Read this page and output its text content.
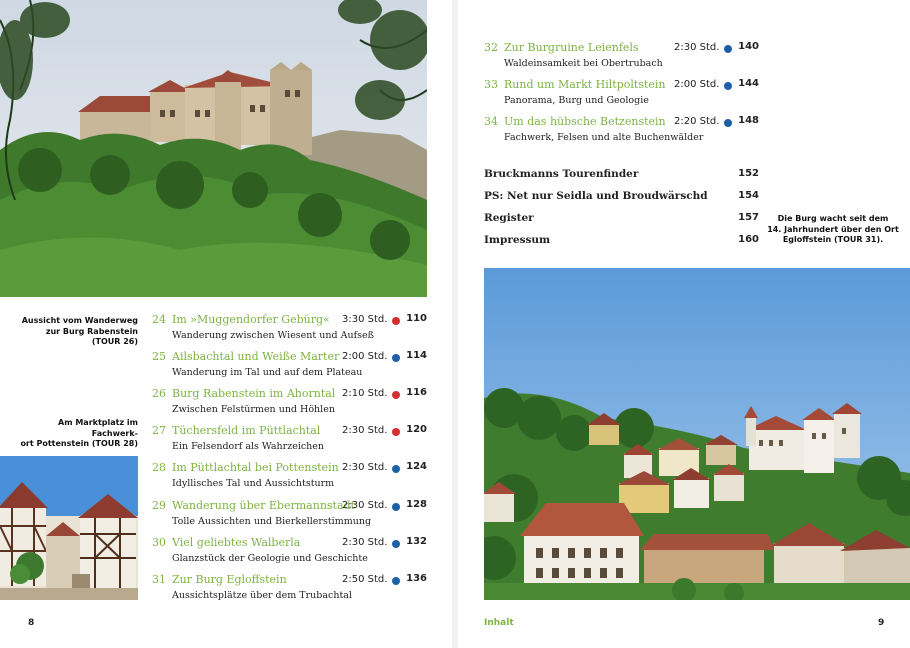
Aussicht vom Wanderweg
zur Burg Rabenstein
(TOUR 26)
Am Marktplatz im Fachwerk-
ort Pottenstein (TOUR 28)
24 Im »Muggendorfer Gebürg« 3:30 Std.	110
Wanderung zwischen Wiesent und Aufseß
25 Ailsbachtal und Weiße Marter 2:00 Std.	114
Wanderung im Tal und auf dem Plateau
26 Burg Rabenstein im Ahorntal 2:10 Std.	116
Zwischen Felstürmen und Höhlen
27 Tüchersfeld im Püttlachtal 2:30 Std.	120
Ein Felsendorf als Wahrzeichen
28 Im Püttlachtal bei Pottenstein 2:30 Std.	124
Idyllisches Tal und Aussichtsturm
29 Wanderung über Ebermannstadt
2:30 Std.	128
Tolle Aussichten und Bierkellerstimmung
30 Viel geliebtes Walberla	2:30 Std.	132
Glanzstück der Geologie und Geschichte
31 Zur Burg Egloffstein	2:50 Std.	136
Aussichtsplätze über dem Trubachtal
8
32 Zur Burgruine Leienfels	2:30 Std.	140
Waldeinsamkeit bei Obertrubach
33 Rund um Markt Hiltpoltstein 2:00 Std.	144
Panorama, Burg und Geologie
34 Um das hübsche Betzenstein 2:20 Std.	148
Fachwerk, Felsen und alte Buchenwälder
Bruckmanns Tourenfinder	152
PS: Net nur Seidla und Broudwärschd	154
Register	157
Impressum	160
Die Burg wacht seit dem
14. Jahrhundert über den Ort
Egloffstein (TOUR 31).
Inhalt	9
